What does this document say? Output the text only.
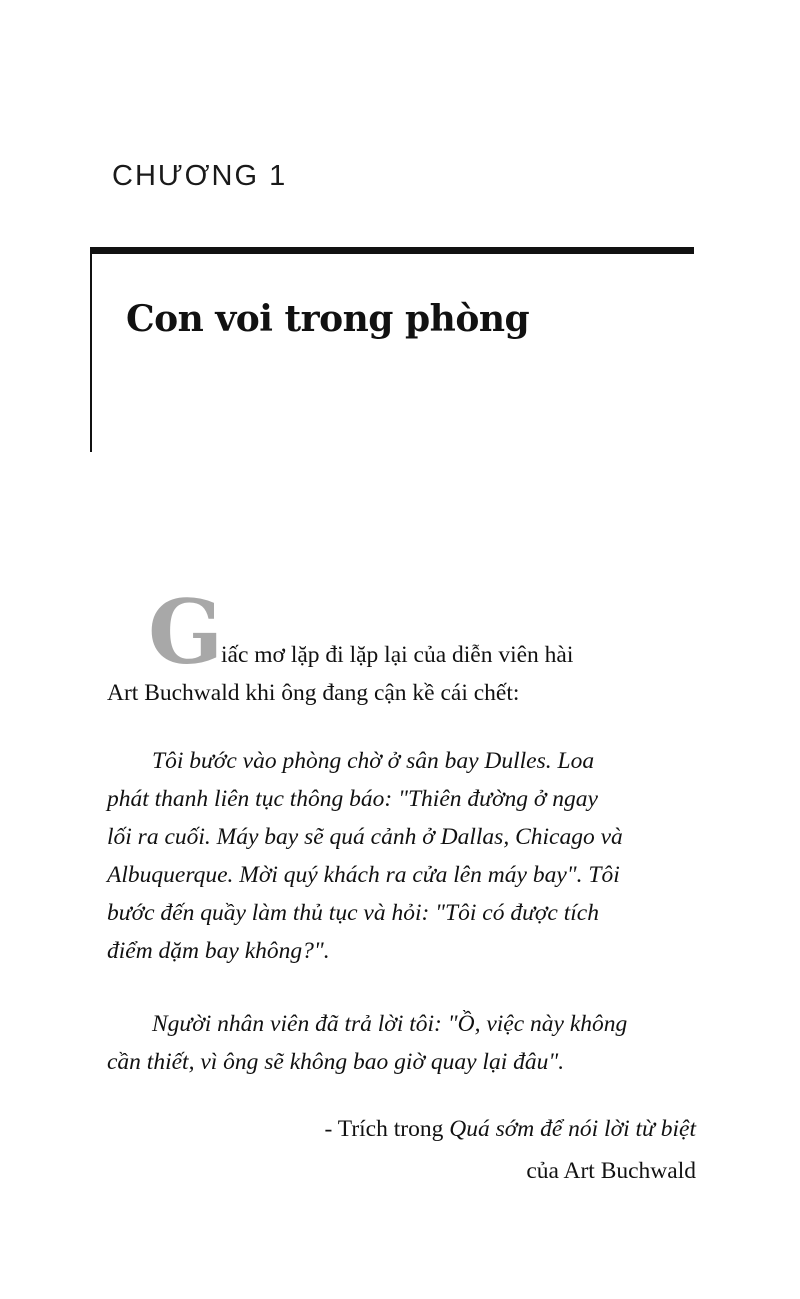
CHƯƠNG 1
Con voi trong phòng
G
iấc mơ lặp đi lặp lại của diễn viên hài
Art Buchwald khi ông đang cận kề cái chết:
Tôi bước vào phòng chờ ở sân bay Dulles. Loa
phát thanh liên tục thông báo: "Thiên đường ở ngay
lối ra cuối. Máy bay sẽ quá cảnh ở Dallas, Chicago và
Albuquerque. Mời quý khách ra cửa lên máy bay". Tôi
bước đến quầy làm thủ tục và hỏi: "Tôi có được tích
điểm dặm bay không?".
Người nhân viên đã trả lời tôi: "Ồ, việc này không
cần thiết, vì ông sẽ không bao giờ quay lại đâu".
- Trích trong Quá sớm để nói lời từ biệt
của Art Buchwald
